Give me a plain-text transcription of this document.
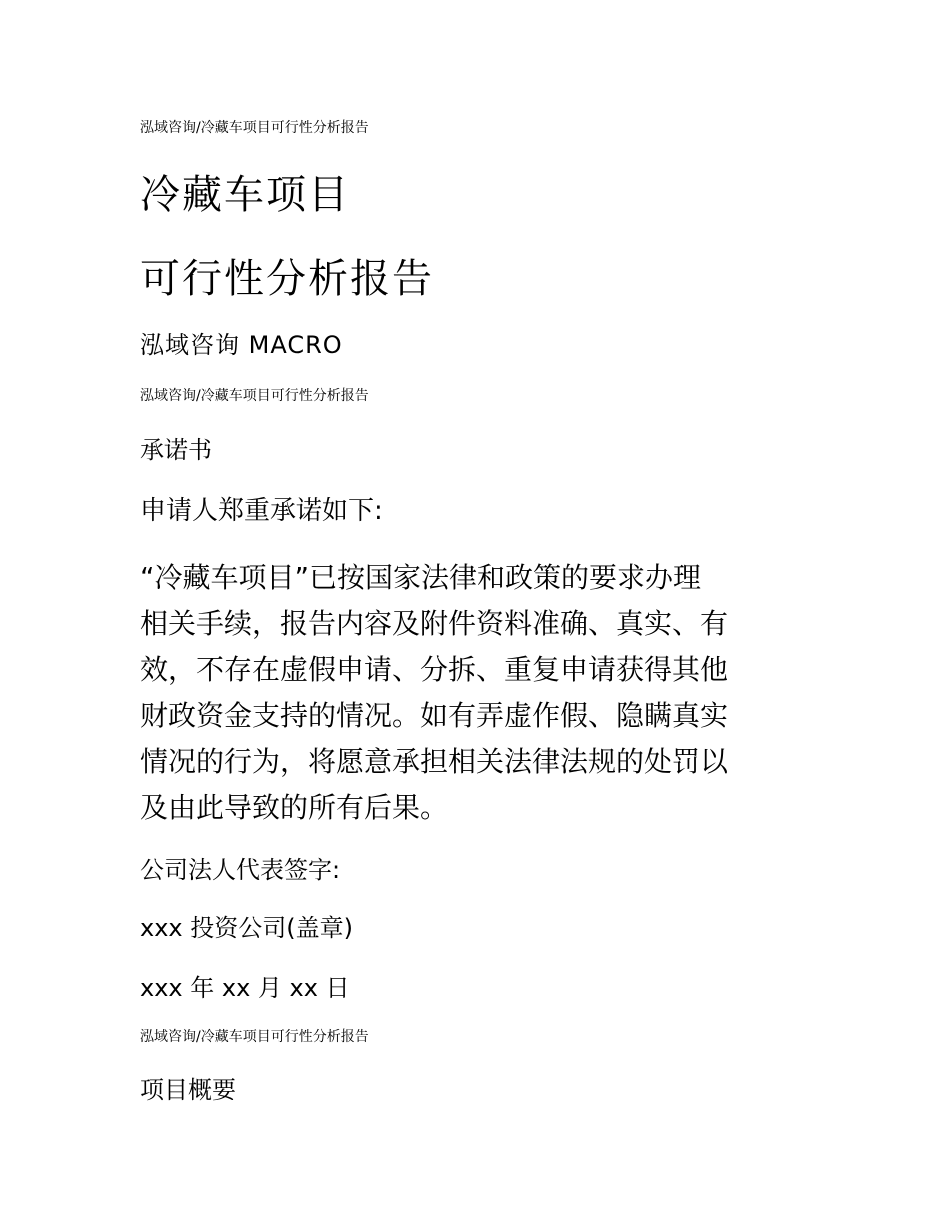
泓域咨询/冷藏车项目可行性分析报告

冷藏车项目
可行性分析报告

泓域咨询 MACRO

泓域咨询/冷藏车项目可行性分析报告

承诺书

申请人郑重承诺如下:

“冷藏车项目”已按国家法律和政策的要求办理
相关手续，报告内容及附件资料准确、真实、有
效，不存在虚假申请、分拆、重复申请获得其他
财政资金支持的情况。如有弄虚作假、隐瞒真实
情况的行为，将愿意承担相关法律法规的处罚以
及由此导致的所有后果。

公司法人代表签字:

xxx 投资公司(盖章)

xxx 年 xx 月 xx 日

泓域咨询/冷藏车项目可行性分析报告

项目概要
